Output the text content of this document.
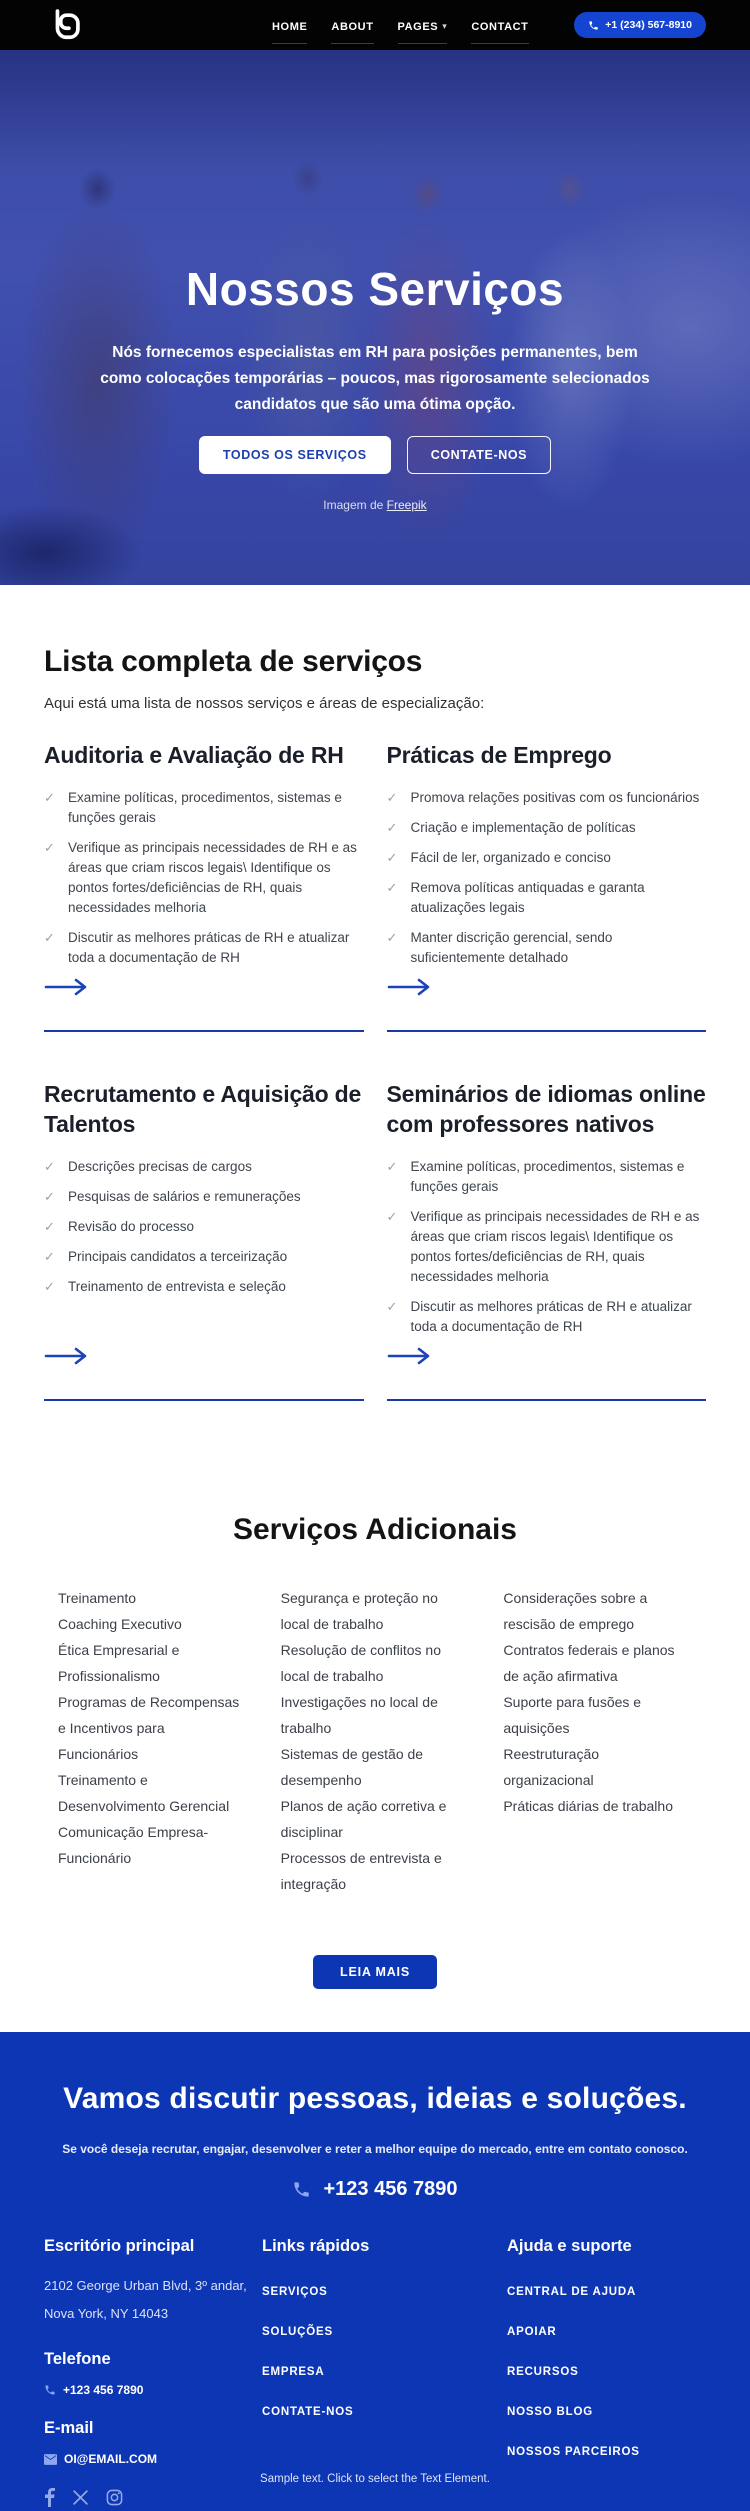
HOME ABOUT PAGES ▾ CONTACT	+1 (234) 567-8910
Nossos Serviços
Nós fornecemos especialistas em RH para posições permanentes, bem como colocações temporárias – poucos, mas rigorosamente selecionados candidatos que são uma ótima opção.
TODOS OS SERVIÇOS	CONTATE-NOS
Imagem de Freepik
Lista completa de serviços
Aqui está uma lista de nossos serviços e áreas de especialização:
Auditoria e Avaliação de RH
✓ Examine políticas, procedimentos, sistemas e funções gerais
✓ Verifique as principais necessidades de RH e as áreas que criam riscos legais\ Identifique os pontos fortes/deficiências de RH, quais necessidades melhoria
✓ Discutir as melhores práticas de RH e atualizar toda a documentação de RH
Práticas de Emprego
✓ Promova relações positivas com os funcionários
✓ Criação e implementação de políticas
✓ Fácil de ler, organizado e conciso
✓ Remova políticas antiquadas e garanta atualizações legais
✓ Manter discrição gerencial, sendo suficientemente detalhado
Recrutamento e Aquisição de Talentos
✓ Descrições precisas de cargos
✓ Pesquisas de salários e remunerações
✓ Revisão do processo
✓ Principais candidatos a terceirização
✓ Treinamento de entrevista e seleção
Seminários de idiomas online com professores nativos
✓ Examine políticas, procedimentos, sistemas e funções gerais
✓ Verifique as principais necessidades de RH e as áreas que criam riscos legais\ Identifique os pontos fortes/deficiências de RH, quais necessidades melhoria
✓ Discutir as melhores práticas de RH e atualizar toda a documentação de RH
Serviços Adicionais
Treinamento
Coaching Executivo
Ética Empresarial e Profissionalismo
Programas de Recompensas e Incentivos para Funcionários
Treinamento e Desenvolvimento Gerencial
Comunicação Empresa-Funcionário
Segurança e proteção no local de trabalho
Resolução de conflitos no local de trabalho
Investigações no local de trabalho
Sistemas de gestão de desempenho
Planos de ação corretiva e disciplinar
Processos de entrevista e integração
Considerações sobre a rescisão de emprego
Contratos federais e planos de ação afirmativa
Suporte para fusões e aquisições
Reestruturação organizacional
Práticas diárias de trabalho
LEIA MAIS
Vamos discutir pessoas, ideias e soluções.
Se você deseja recrutar, engajar, desenvolver e reter a melhor equipe do mercado, entre em contato conosco.
+123 456 7890
Escritório principal
2102 George Urban Blvd, 3º andar,
Nova York, NY 14043
Telefone
+123 456 7890
E-mail
OI@EMAIL.COM
Links rápidos
SERVIÇOS
SOLUÇÕES
EMPRESA
CONTATE-NOS
Ajuda e suporte
CENTRAL DE AJUDA
APOIAR
RECURSOS
NOSSO BLOG
NOSSOS PARCEIROS
Sample text. Click to select the Text Element.
